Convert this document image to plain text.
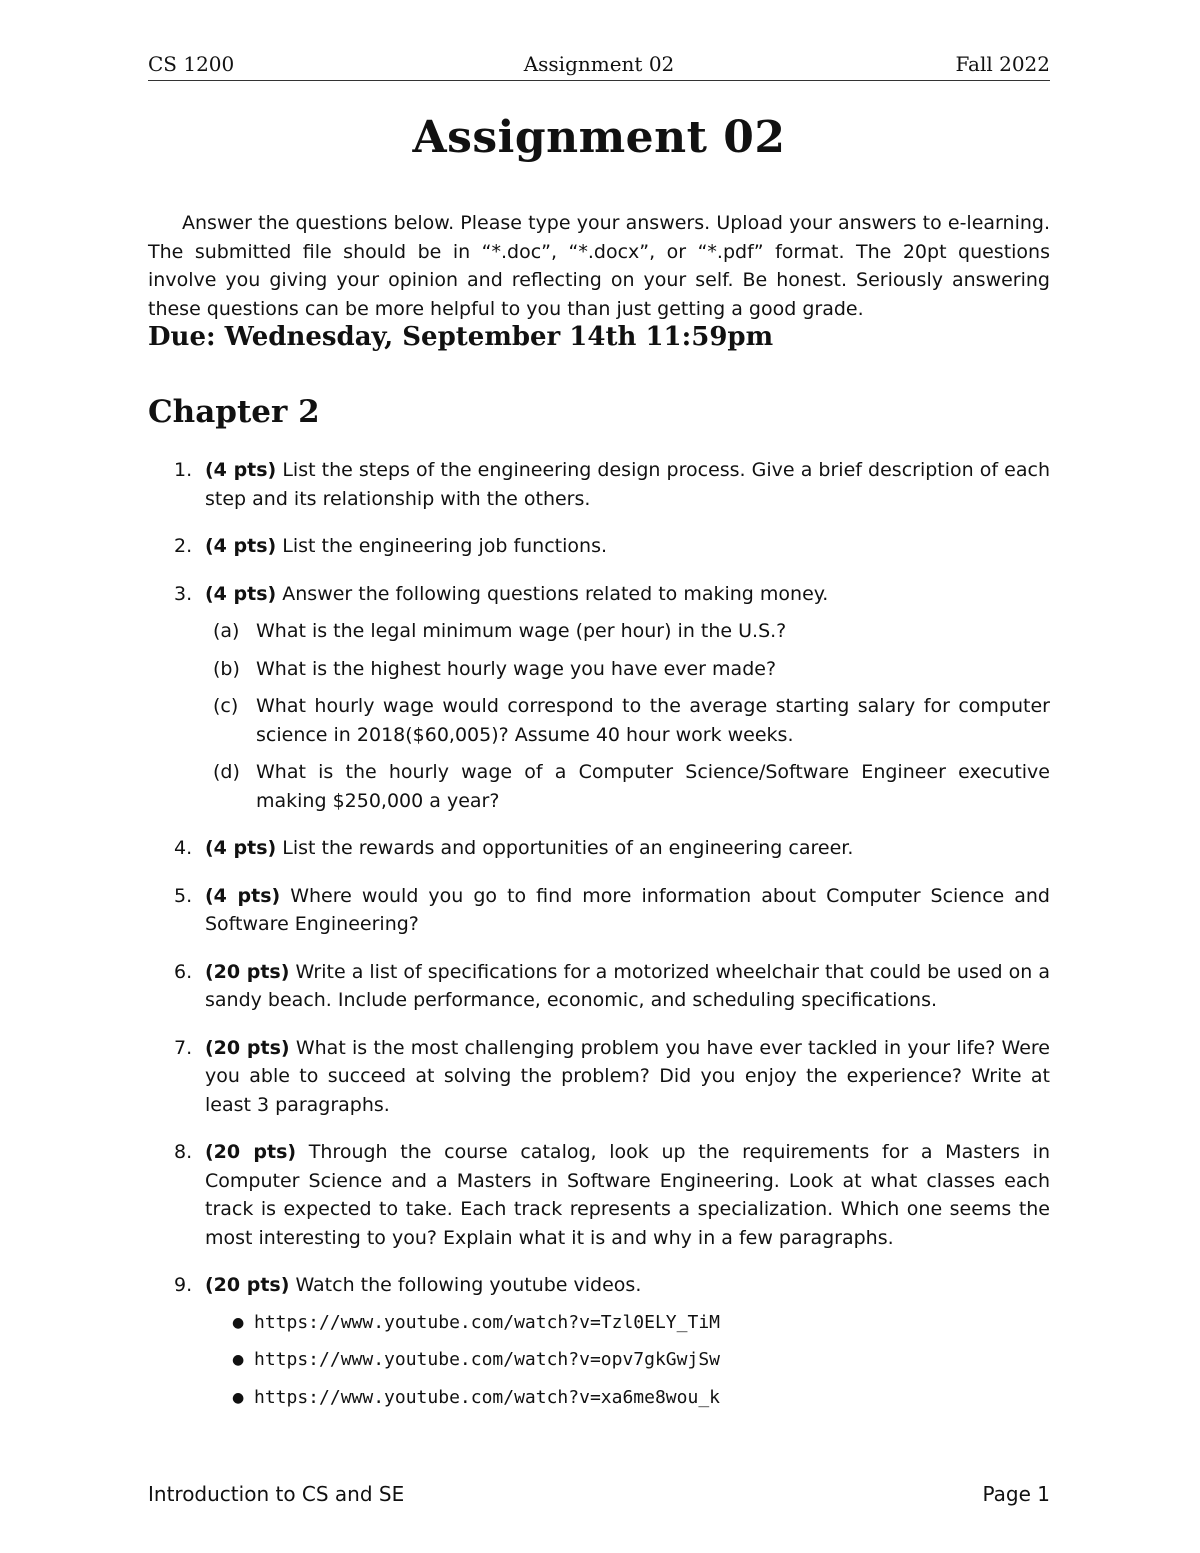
CS 1200	Assignment 02	Fall 2022
Assignment 02

Answer the questions below. Please type your answers. Upload your answers to e-learning. The submitted file should be in “*.doc”, “*.docx”, or “*.pdf” format. The 20pt questions involve you giving your opinion and reflecting on your self. Be honest. Seriously answering these questions can be more helpful to you than just getting a good grade.

Due: Wednesday, September 14th 11:59pm
Chapter 2
1. (4 pts) List the steps of the engineering design process. Give a brief description of each step and its relationship with the others.
2. (4 pts) List the engineering job functions.
3. (4 pts) Answer the following questions related to making money.
(a) What is the legal minimum wage (per hour) in the U.S.?
(b) What is the highest hourly wage you have ever made?
(c) What hourly wage would correspond to the average starting salary for computer science in 2018($60,005)? Assume 40 hour work weeks.
(d) What is the hourly wage of a Computer Science/Software Engineer executive making $250,000 a year?
4. (4 pts) List the rewards and opportunities of an engineering career.
5. (4 pts) Where would you go to find more information about Computer Science and Software Engineering?
6. (20 pts) Write a list of specifications for a motorized wheelchair that could be used on a sandy beach. Include performance, economic, and scheduling specifications.
7. (20 pts) What is the most challenging problem you have ever tackled in your life? Were you able to succeed at solving the problem? Did you enjoy the experience? Write at least 3 paragraphs.
8. (20 pts) Through the course catalog, look up the requirements for a Masters in Computer Science and a Masters in Software Engineering. Look at what classes each track is expected to take. Each track represents a specialization. Which one seems the most interesting to you? Explain what it is and why in a few paragraphs.
9. (20 pts) Watch the following youtube videos.
● https://www.youtube.com/watch?v=Tzl0ELY_TiM
● https://www.youtube.com/watch?v=opv7gkGwjSw
● https://www.youtube.com/watch?v=xa6me8wou_k
Introduction to CS and SE	Page 1
